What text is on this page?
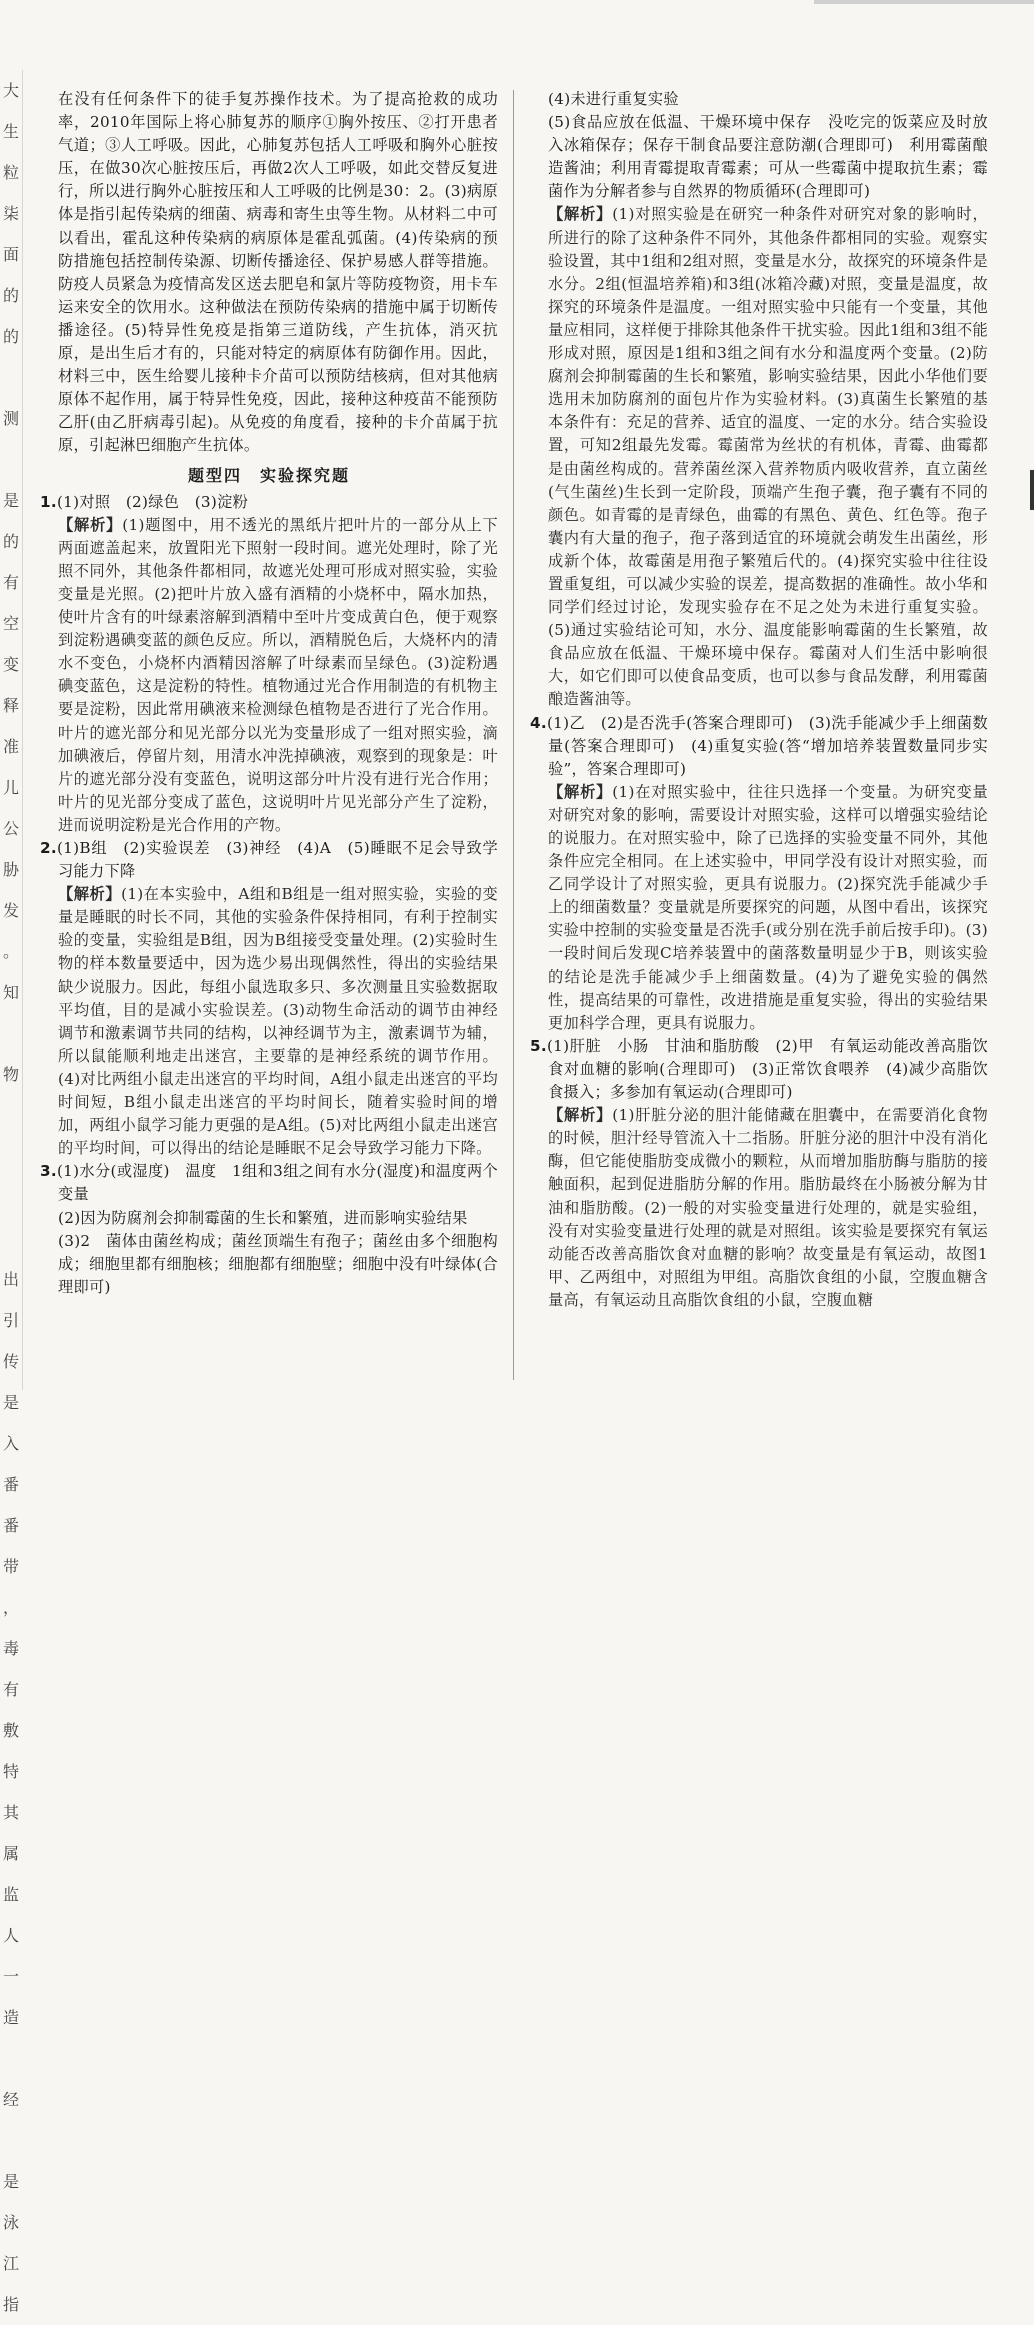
大
生
粒
柒
面
的
的

测

是
的
有
空
变
释
准
儿
公
胁
发
。
知

物

出
引
传
是
入
番
番
带
，
毒
有
敷
特
其
属
监
人
一
造

经

是
泳
江
指

在没有任何条件下的徒手复苏操作技术。为了提高抢救的成功率，2010年国际上将心肺复苏的顺序①胸外按压、②打开患者气道；③人工呼吸。因此，心肺复苏包括人工呼吸和胸外心脏按压，在做30次心脏按压后，再做2次人工呼吸，如此交替反复进行，所以进行胸外心脏按压和人工呼吸的比例是30：2。(3)病原体是指引起传染病的细菌、病毒和寄生虫等生物。从材料二中可以看出，霍乱这种传染病的病原体是霍乱弧菌。(4)传染病的预防措施包括控制传染源、切断传播途径、保护易感人群等措施。防疫人员紧急为疫情高发区送去肥皂和氯片等防疫物资，用卡车运来安全的饮用水。这种做法在预防传染病的措施中属于切断传播途径。(5)特异性免疫是指第三道防线，产生抗体，消灭抗原，是出生后才有的，只能对特定的病原体有防御作用。因此，材料三中，医生给婴儿接种卡介苗可以预防结核病，但对其他病原体不起作用，属于特异性免疫，因此，接种这种疫苗不能预防乙肝(由乙肝病毒引起)。从免疫的角度看，接种的卡介苗属于抗原，引起淋巴细胞产生抗体。

题型四　实验探究题

1.(1)对照　(2)绿色　(3)淀粉

【解析】(1)题图中，用不透光的黑纸片把叶片的一部分从上下两面遮盖起来，放置阳光下照射一段时间。遮光处理时，除了光照不同外，其他条件都相同，故遮光处理可形成对照实验，实验变量是光照。(2)把叶片放入盛有酒精的小烧杯中，隔水加热，使叶片含有的叶绿素溶解到酒精中至叶片变成黄白色，便于观察到淀粉遇碘变蓝的颜色反应。所以，酒精脱色后，大烧杯内的清水不变色，小烧杯内酒精因溶解了叶绿素而呈绿色。(3)淀粉遇碘变蓝色，这是淀粉的特性。植物通过光合作用制造的有机物主要是淀粉，因此常用碘液来检测绿色植物是否进行了光合作用。叶片的遮光部分和见光部分以光为变量形成了一组对照实验，滴加碘液后，停留片刻，用清水冲洗掉碘液，观察到的现象是：叶片的遮光部分没有变蓝色，说明这部分叶片没有进行光合作用；叶片的见光部分变成了蓝色，这说明叶片见光部分产生了淀粉，进而说明淀粉是光合作用的产物。

2.(1)B组　(2)实验误差　(3)神经　(4)A　(5)睡眠不足会导致学习能力下降

【解析】(1)在本实验中，A组和B组是一组对照实验，实验的变量是睡眠的时长不同，其他的实验条件保持相同，有利于控制实验的变量，实验组是B组，因为B组接受变量处理。(2)实验时生物的样本数量要适中，因为选少易出现偶然性，得出的实验结果缺少说服力。因此，每组小鼠选取多只、多次测量且实验数据取平均值，目的是减小实验误差。(3)动物生命活动的调节由神经调节和激素调节共同的结构，以神经调节为主，激素调节为辅，所以鼠能顺利地走出迷宫，主要靠的是神经系统的调节作用。(4)对比两组小鼠走出迷宫的平均时间，A组小鼠走出迷宫的平均时间短，B组小鼠走出迷宫的平均时间长，随着实验时间的增加，两组小鼠学习能力更强的是A组。(5)对比两组小鼠走出迷宫的平均时间，可以得出的结论是睡眠不足会导致学习能力下降。

3.(1)水分(或湿度)　温度　1组和3组之间有水分(湿度)和温度两个变量

(2)因为防腐剂会抑制霉菌的生长和繁殖，进而影响实验结果

(3)2　菌体由菌丝构成；菌丝顶端生有孢子；菌丝由多个细胞构成；细胞里都有细胞核；细胞都有细胞壁；细胞中没有叶绿体(合理即可)

(4)未进行重复实验

(5)食品应放在低温、干燥环境中保存　没吃完的饭菜应及时放入冰箱保存；保存干制食品要注意防潮(合理即可)　利用霉菌酿造酱油；利用青霉提取青霉素；可从一些霉菌中提取抗生素；霉菌作为分解者参与自然界的物质循环(合理即可)

【解析】(1)对照实验是在研究一种条件对研究对象的影响时，所进行的除了这种条件不同外，其他条件都相同的实验。观察实验设置，其中1组和2组对照，变量是水分，故探究的环境条件是水分。2组(恒温培养箱)和3组(冰箱冷藏)对照，变量是温度，故探究的环境条件是温度。一组对照实验中只能有一个变量，其他量应相同，这样便于排除其他条件干扰实验。因此1组和3组不能形成对照，原因是1组和3组之间有水分和温度两个变量。(2)防腐剂会抑制霉菌的生长和繁殖，影响实验结果，因此小华他们要选用未加防腐剂的面包片作为实验材料。(3)真菌生长繁殖的基本条件有：充足的营养、适宜的温度、一定的水分。结合实验设置，可知2组最先发霉。霉菌常为丝状的有机体，青霉、曲霉都是由菌丝构成的。营养菌丝深入营养物质内吸收营养，直立菌丝(气生菌丝)生长到一定阶段，顶端产生孢子囊，孢子囊有不同的颜色。如青霉的是青绿色，曲霉的有黑色、黄色、红色等。孢子囊内有大量的孢子，孢子落到适宜的环境就会萌发生出菌丝，形成新个体，故霉菌是用孢子繁殖后代的。(4)探究实验中往往设置重复组，可以减少实验的误差，提高数据的准确性。故小华和同学们经过讨论，发现实验存在不足之处为未进行重复实验。(5)通过实验结论可知，水分、温度能影响霉菌的生长繁殖，故食品应放在低温、干燥环境中保存。霉菌对人们生活中影响很大，如它们即可以使食品变质，也可以参与食品发酵，利用霉菌酿造酱油等。

4.(1)乙　(2)是否洗手(答案合理即可)　(3)洗手能减少手上细菌数量(答案合理即可)　(4)重复实验(答“增加培养装置数量同步实验”，答案合理即可)

【解析】(1)在对照实验中，往往只选择一个变量。为研究变量对研究对象的影响，需要设计对照实验，这样可以增强实验结论的说服力。在对照实验中，除了已选择的实验变量不同外，其他条件应完全相同。在上述实验中，甲同学没有设计对照实验，而乙同学设计了对照实验，更具有说服力。(2)探究洗手能减少手上的细菌数量？变量就是所要探究的问题，从图中看出，该探究实验中控制的实验变量是否洗手(或分别在洗手前后按手印)。(3)一段时间后发现C培养装置中的菌落数量明显少于B，则该实验的结论是洗手能减少手上细菌数量。(4)为了避免实验的偶然性，提高结果的可靠性，改进措施是重复实验，得出的实验结果更加科学合理，更具有说服力。

5.(1)肝脏　小肠　甘油和脂肪酸　(2)甲　有氧运动能改善高脂饮食对血糖的影响(合理即可)　(3)正常饮食喂养　(4)减少高脂饮食摄入；多参加有氧运动(合理即可)

【解析】(1)肝脏分泌的胆汁能储藏在胆囊中，在需要消化食物的时候，胆汁经导管流入十二指肠。肝脏分泌的胆汁中没有消化酶，但它能使脂肪变成微小的颗粒，从而增加脂肪酶与脂肪的接触面积，起到促进脂肪分解的作用。脂肪最终在小肠被分解为甘油和脂肪酸。(2)一般的对实验变量进行处理的，就是实验组，没有对实验变量进行处理的就是对照组。该实验是要探究有氧运动能否改善高脂饮食对血糖的影响？故变量是有氧运动，故图1甲、乙两组中，对照组为甲组。高脂饮食组的小鼠，空腹血糖含量高，有氧运动且高脂饮食组的小鼠，空腹血糖
